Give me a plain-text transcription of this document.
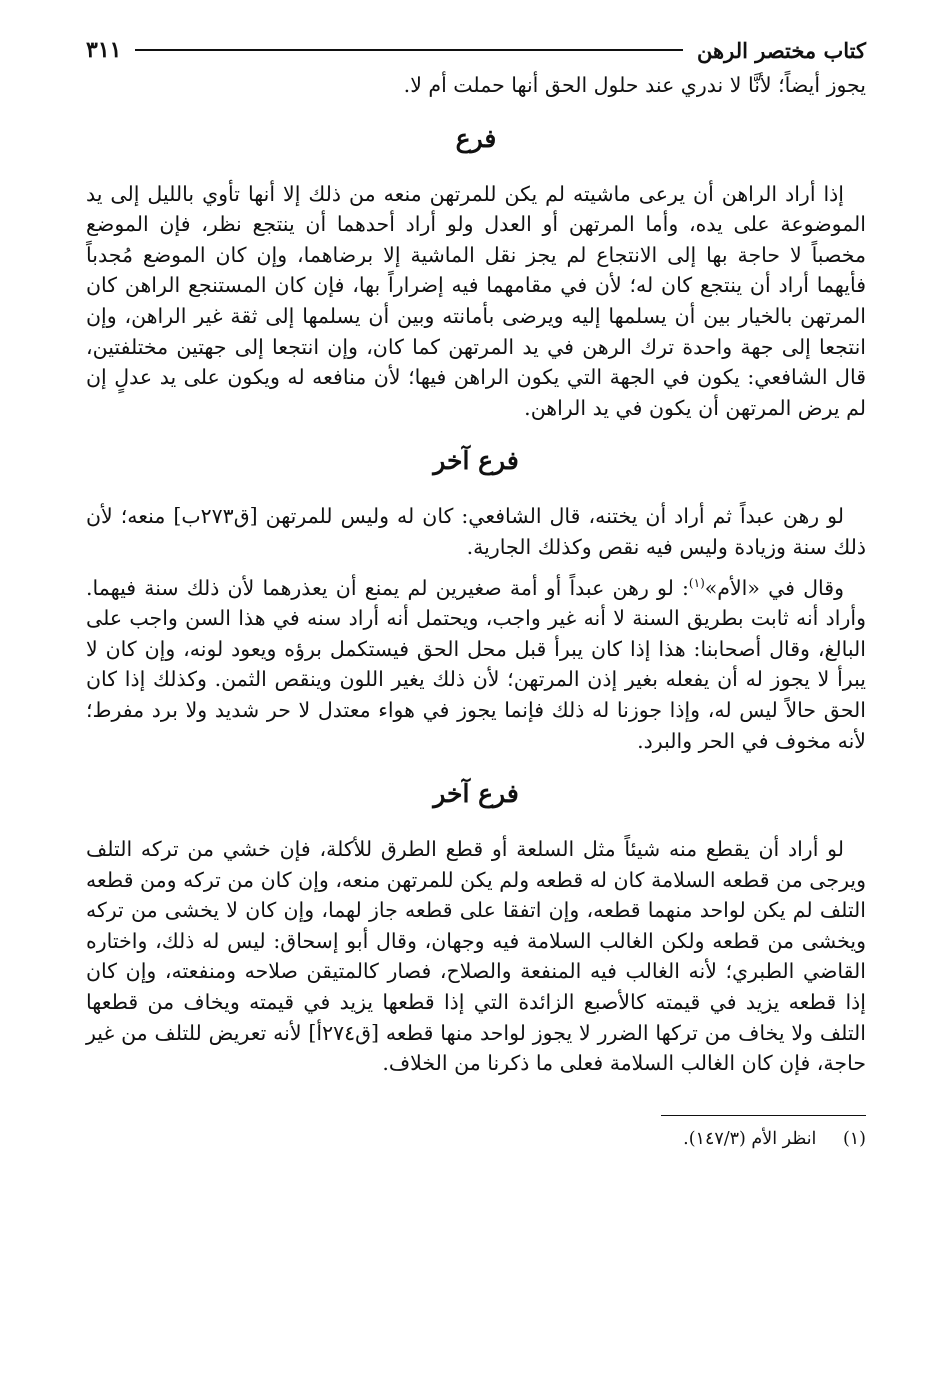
كتاب مختصر الرهن
٣١١

يجوز أيضاً؛ لأنَّا لا ندري عند حلول الحق أنها حملت أم لا.

فرع

إذا أراد الراهن أن يرعى ماشيته لم يكن للمرتهن منعه من ذلك إلا أنها تأوي بالليل إلى يد الموضوعة على يده، وأما المرتهن أو العدل ولو أراد أحدهما أن ينتجع نظر، فإن الموضع مخصباً لا حاجة بها إلى الانتجاع لم يجز نقل الماشية إلا برضاهما، وإن كان الموضع مُجدباً فأيهما أراد أن ينتجع كان له؛ لأن في مقامهما فيه إضراراً بها، فإن كان المستنجع الراهن كان المرتهن بالخيار بين أن يسلمها إليه ويرضى بأمانته وبين أن يسلمها إلى ثقة غير الراهن، وإن انتجعا إلى جهة واحدة ترك الرهن في يد المرتهن كما كان، وإن انتجعا إلى جهتين مختلفتين، قال الشافعي: يكون في الجهة التي يكون الراهن فيها؛ لأن منافعه له ويكون على يد عدلٍ إن لم يرض المرتهن أن يكون في يد الراهن.

فرع آخر

لو رهن عبداً ثم أراد أن يختنه، قال الشافعي: كان له وليس للمرتهن [ق٢٧٣ب] منعه؛ لأن ذلك سنة وزيادة وليس فيه نقص وكذلك الجارية.

وقال في «الأم»$^{(١)}$: لو رهن عبداً أو أمة صغيرين لم يمنع أن يعذرهما لأن ذلك سنة فيهما. وأراد أنه ثابت بطريق السنة لا أنه غير واجب، ويحتمل أنه أراد سنه في هذا السن واجب على البالغ، وقال أصحابنا: هذا إذا كان يبرأ قبل محل الحق فيستكمل برؤه ويعود لونه، وإن كان لا يبرأ لا يجوز له أن يفعله بغير إذن المرتهن؛ لأن ذلك يغير اللون وينقص الثمن. وكذلك إذا كان الحق حالاً ليس له، وإذا جوزنا له ذلك فإنما يجوز في هواء معتدل لا حر شديد ولا برد مفرط؛ لأنه مخوف في الحر والبرد.

فرع آخر

لو أراد أن يقطع منه شيئاً مثل السلعة أو قطع الطرق للأكلة، فإن خشي من تركه التلف ويرجى من قطعه السلامة كان له قطعه ولم يكن للمرتهن منعه، وإن كان من تركه ومن قطعه التلف لم يكن لواحد منهما قطعه، وإن اتفقا على قطعه جاز لهما، وإن كان لا يخشى من تركه ويخشى من قطعه ولكن الغالب السلامة فيه وجهان، وقال أبو إسحاق: ليس له ذلك، واختاره القاضي الطبري؛ لأنه الغالب فيه المنفعة والصلاح، فصار كالمتيقن صلاحه ومنفعته، وإن كان إذا قطعه يزيد في قيمته كالأصبع الزائدة التي إذا قطعها يزيد في قيمته ويخاف من قطعها التلف ولا يخاف من تركها الضرر لا يجوز لواحد منها قطعه [ق٢٧٤أ] لأنه تعريض للتلف من غير حاجة، فإن كان الغالب السلامة فعلى ما ذكرنا من الخلاف.

(١) انظر الأم (١٤٧/٣).
